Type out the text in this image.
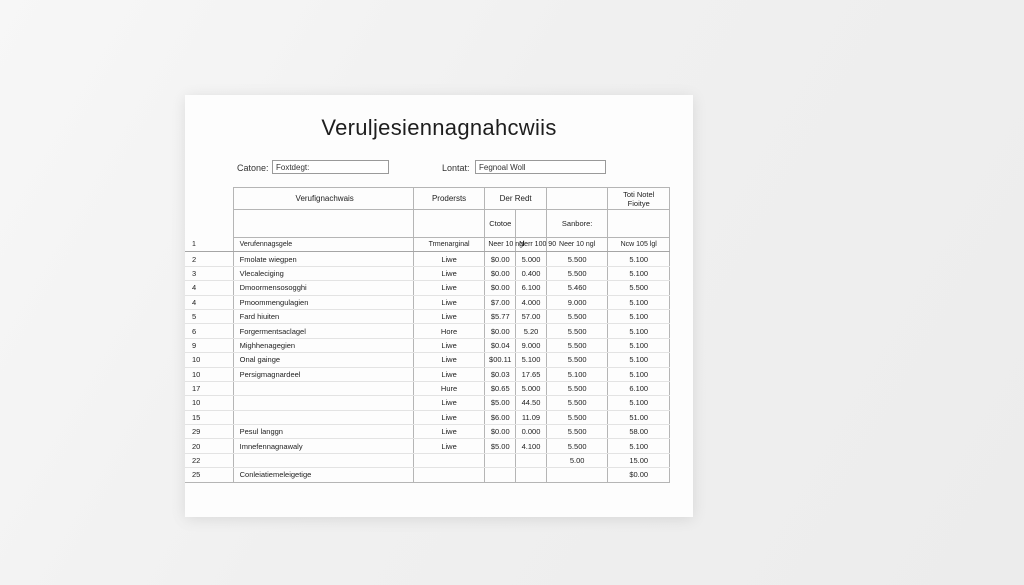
Veruljesiennagnahcwiis
Catone: Foxtdegt:	Lontat:	Fegnoal Woll
	Verufignachwais	Prodersts	Der Redt			Toti Notel Fioitye
			Ctotoe		Sanbore:	
1	Verufennagsgele	Trmenarginal	Neer 10 ngl	Nerr 100 90	Neer 10 ngl	Ncw 105 lgl
2	Fmolate wiegpen	Liwe	$0.00	5.000	5.500	5.100
3	Vlecaleciging	Liwe	$0.00	0.400	5.500	5.100
4	Dmoormensosogghi	Liwe	$0.00	6.100	5.460	5.500
4	Pmoommengulagien	Liwe	$7.00	4.000	9.000	5.100
5	Fard hiuiten	Liwe	$5.77	57.00	5.500	5.100
6	Forgermentsaclagel	Hore	$0.00	5.20	5.500	5.100
9	Mighhenagegien	Liwe	$0.04	9.000	5.500	5.100
10	Onal gainge	Liwe	$00.11	5.100	5.500	5.100
10	Persigmagnardeel	Liwe	$0.03	17.65	5.100	5.100
17		Hure	$0.65	5.000	5.500	6.100
10		Liwe	$5.00	44.50	5.500	5.100
15		Liwe	$6.00	11.09	5.500	51.00
29	Pesul langgn	Liwe	$0.00	0.000	5.500	58.00
20	Imnefennagnawaly	Liwe	$5.00	4.100	5.500	5.100
22					5.00	15.00
25	Conleiatiemeleigetige					$0.00
